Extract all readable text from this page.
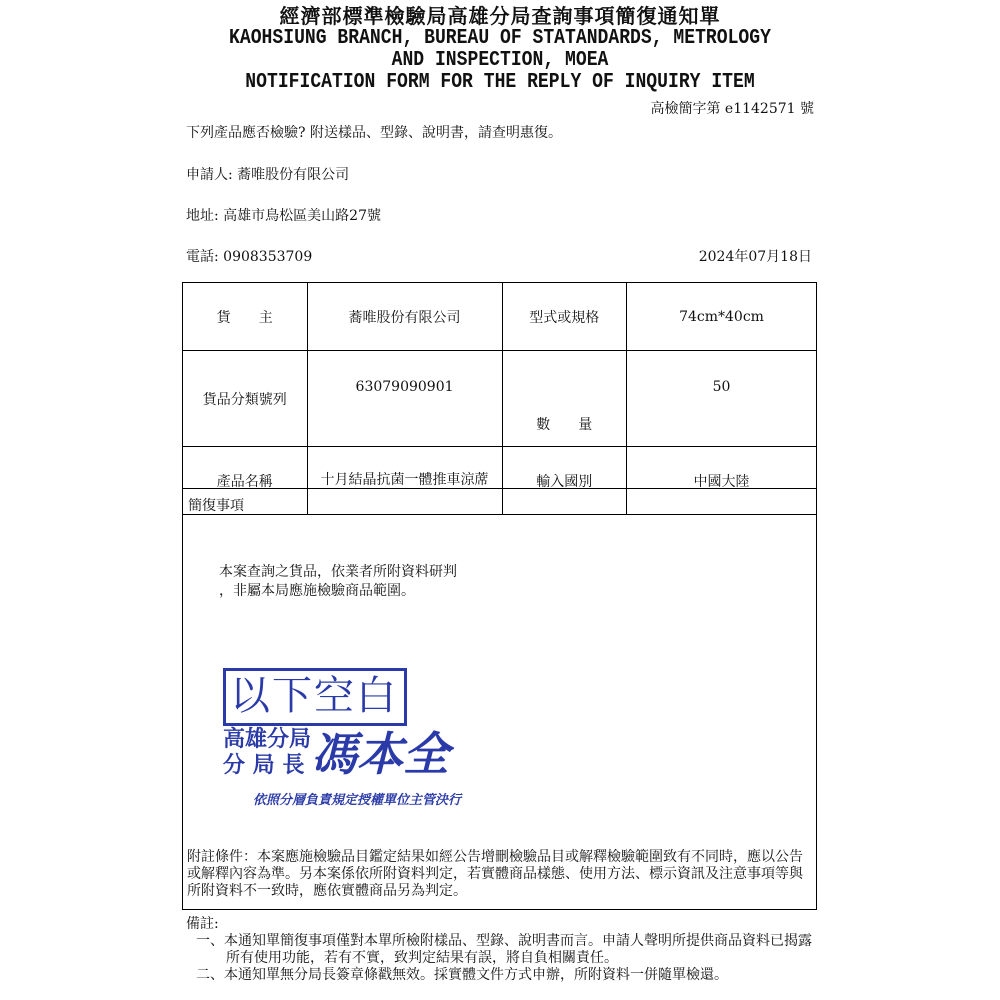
經濟部標準檢驗局高雄分局查詢事項簡復通知單
KAOHSIUNG BRANCH, BUREAU OF STATANDARDS, METROLOGY
AND INSPECTION, MOEA
NOTIFICATION FORM FOR THE REPLY OF INQUIRY ITEM
高檢簡字第 e1142571 號
下列產品應否檢驗? 附送樣品、型錄、說明書，請查明惠復。
申請人: 蕎唯股份有限公司
地址: 高雄市鳥松區美山路27號
電話: 0908353709	2024年07月18日
貨　　主	蕎唯股份有限公司	型式或規格	74cm*40cm
貨品分類號列	63079090901	數　　量	50
產品名稱	十月結晶抗菌一體推車涼蓆	輸入國別	中國大陸
簡復事項
本案查詢之貨品，依業者所附資料研判
，非屬本局應施檢驗商品範圍。
以下空白
高雄分局
分 局 長 馮本全
依照分層負責規定授權單位主管決行
附註條件：本案應施檢驗品目鑑定結果如經公告增刪檢驗品目或解釋檢驗範圍致有不同時，應以公告或解釋內容為準。另本案係依所附資料判定，若實體商品樣態、使用方法、標示資訊及注意事項等與所附資料不一致時，應依實體商品另為判定。
備註:
一、本通知單簡復事項僅對本單所檢附樣品、型錄、說明書而言。申請人聲明所提供商品資料已揭露所有使用功能，若有不實，致判定結果有誤，將自負相關責任。
二、本通知單無分局長簽章條戳無效。採實體文件方式申辦，所附資料一併隨單檢還。
